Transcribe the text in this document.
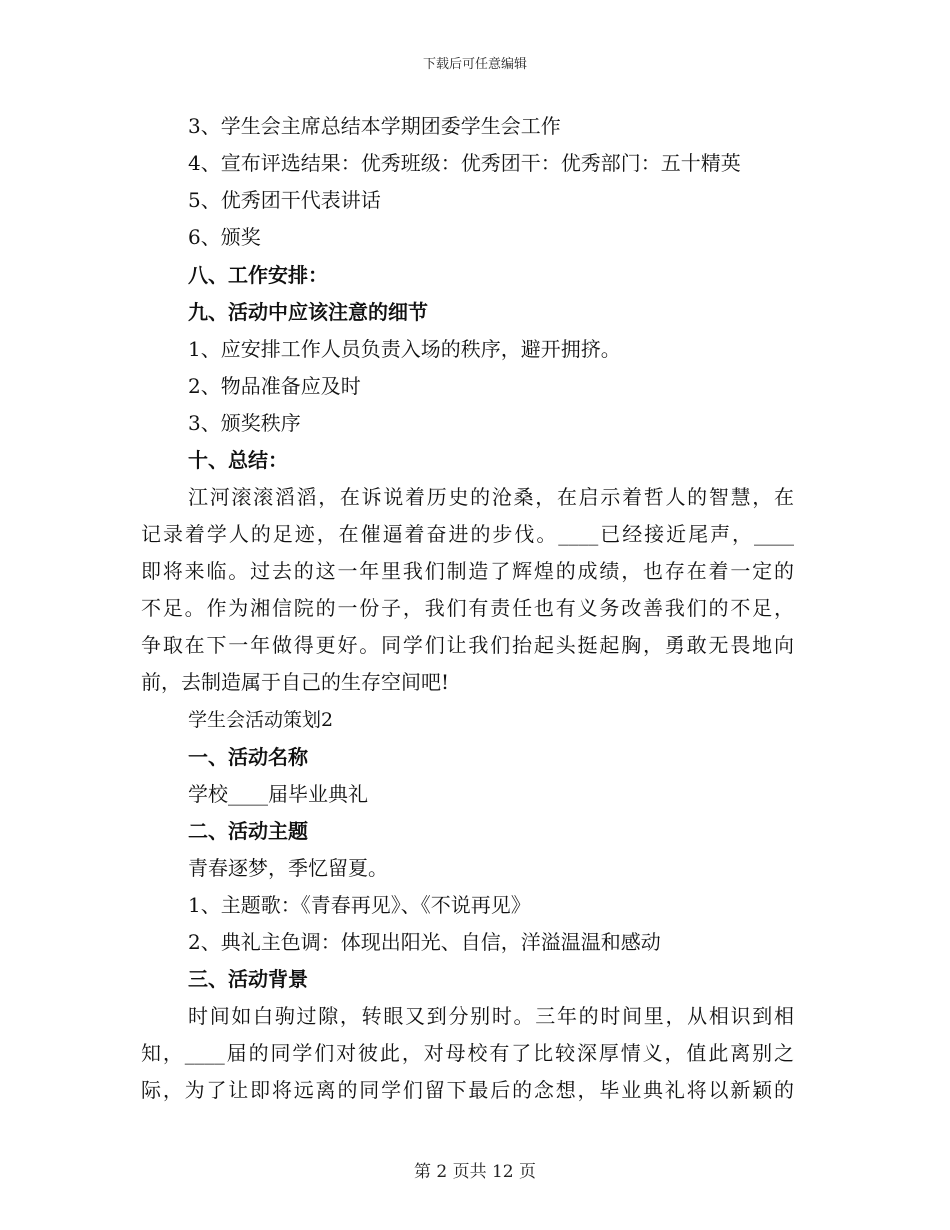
下载后可任意编辑
3、学生会主席总结本学期团委学生会工作
4、宣布评选结果：优秀班级：优秀团干：优秀部门：五十精英
5、优秀团干代表讲话
6、颁奖
八、工作安排：
九、活动中应该注意的细节
1、应安排工作人员负责入场的秩序，避开拥挤。
2、物品准备应及时
3、颁奖秩序
十、总结：
江河滚滚滔滔，在诉说着历史的沧桑，在启示着哲人的智慧，在
记录着学人的足迹，在催逼着奋进的步伐。____已经接近尾声，____
即将来临。过去的这一年里我们制造了辉煌的成绩，也存在着一定的
不足。作为湘信院的一份子，我们有责任也有义务改善我们的不足，
争取在下一年做得更好。同学们让我们抬起头挺起胸，勇敢无畏地向
前，去制造属于自己的生存空间吧!
学生会活动策划2
一、活动名称
学校____届毕业典礼
二、活动主题
青春逐梦，季忆留夏。
1、主题歌：《青春再见》、《不说再见》
2、典礼主色调：体现出阳光、自信，洋溢温温和感动
三、活动背景
时间如白驹过隙，转眼又到分别时。三年的时间里，从相识到相
知，____届的同学们对彼此，对母校有了比较深厚情义，值此离别之
际，为了让即将远离的同学们留下最后的念想，毕业典礼将以新颖的
第 2 页共 12 页
